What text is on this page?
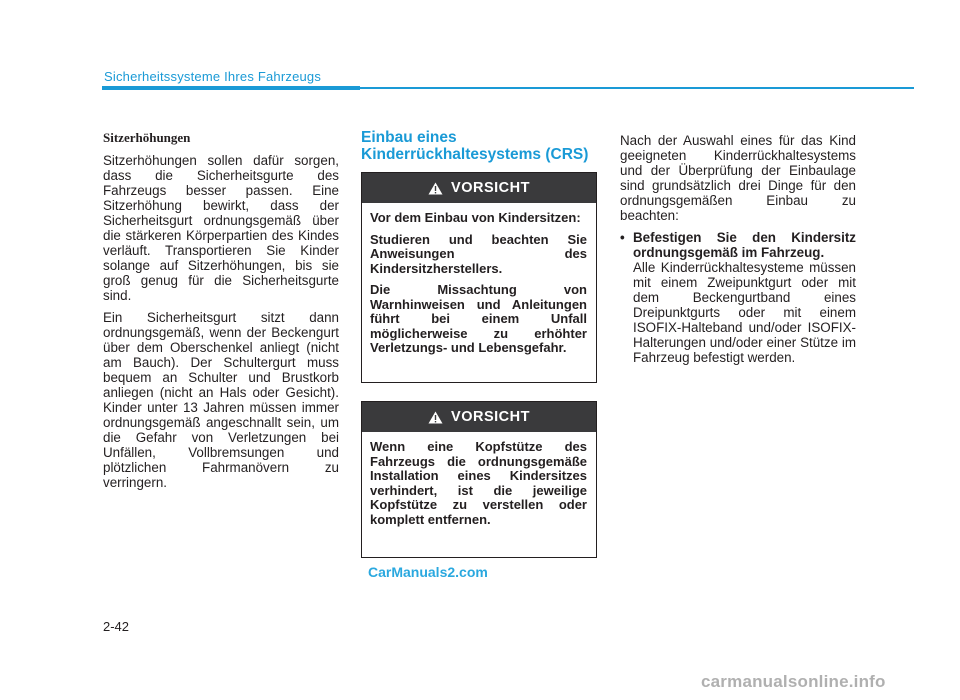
Sicherheitssysteme Ihres Fahrzeugs
Sitzerhöhungen

Sitzerhöhungen sollen dafür sorgen, dass die Sicherheitsgurte des Fahrzeugs besser passen. Eine Sitzerhöhung bewirkt, dass der Sicherheitsgurt ordnungsgemäß über die stärkeren Körperpartien des Kindes verläuft. Transportieren Sie Kinder solange auf Sitzerhöhungen, bis sie groß genug für die Sicherheitsgurte sind.

Ein Sicherheitsgurt sitzt dann ordnungsgemäß, wenn der Beckengurt über dem Oberschenkel anliegt (nicht am Bauch). Der Schultergurt muss bequem an Schulter und Brustkorb anliegen (nicht an Hals oder Gesicht). Kinder unter 13 Jahren müssen immer ordnungsgemäß angeschnallt sein, um die Gefahr von Verletzungen bei Unfällen, Vollbremsungen und plötzlichen Fahrmanövern zu verringern.

Einbau eines Kinderrückhaltesystems (CRS)
VORSICHT

Vor dem Einbau von Kindersitzen:

Studieren und beachten Sie Anweisungen des Kindersitzherstellers.

Die Missachtung von Warnhinweisen und Anleitungen führt bei einem Unfall möglicherweise zu erhöhter Verletzungs- und Lebensgefahr.

VORSICHT

Wenn eine Kopfstütze des Fahrzeugs die ordnungsgemäße Installation eines Kindersitzes verhindert, ist die jeweilige Kopfstütze zu verstellen oder komplett entfernen.

Nach der Auswahl eines für das Kind geeigneten Kinderrückhaltesystems und der Überprüfung der Einbaulage sind grundsätzlich drei Dinge für den ordnungsgemäßen Einbau zu beachten:

• Befestigen Sie den Kindersitz ordnungsgemäß im Fahrzeug.
Alle Kinderrückhaltesysteme müssen mit einem Zweipunktgurt oder mit dem Beckengurtband eines Dreipunktgurts oder mit einem ISOFIX-Halteband und/oder ISOFIX-Halterungen und/oder einer Stütze im Fahrzeug befestigt werden.
CarManuals2.com
2-42
carmanualsonline.info
